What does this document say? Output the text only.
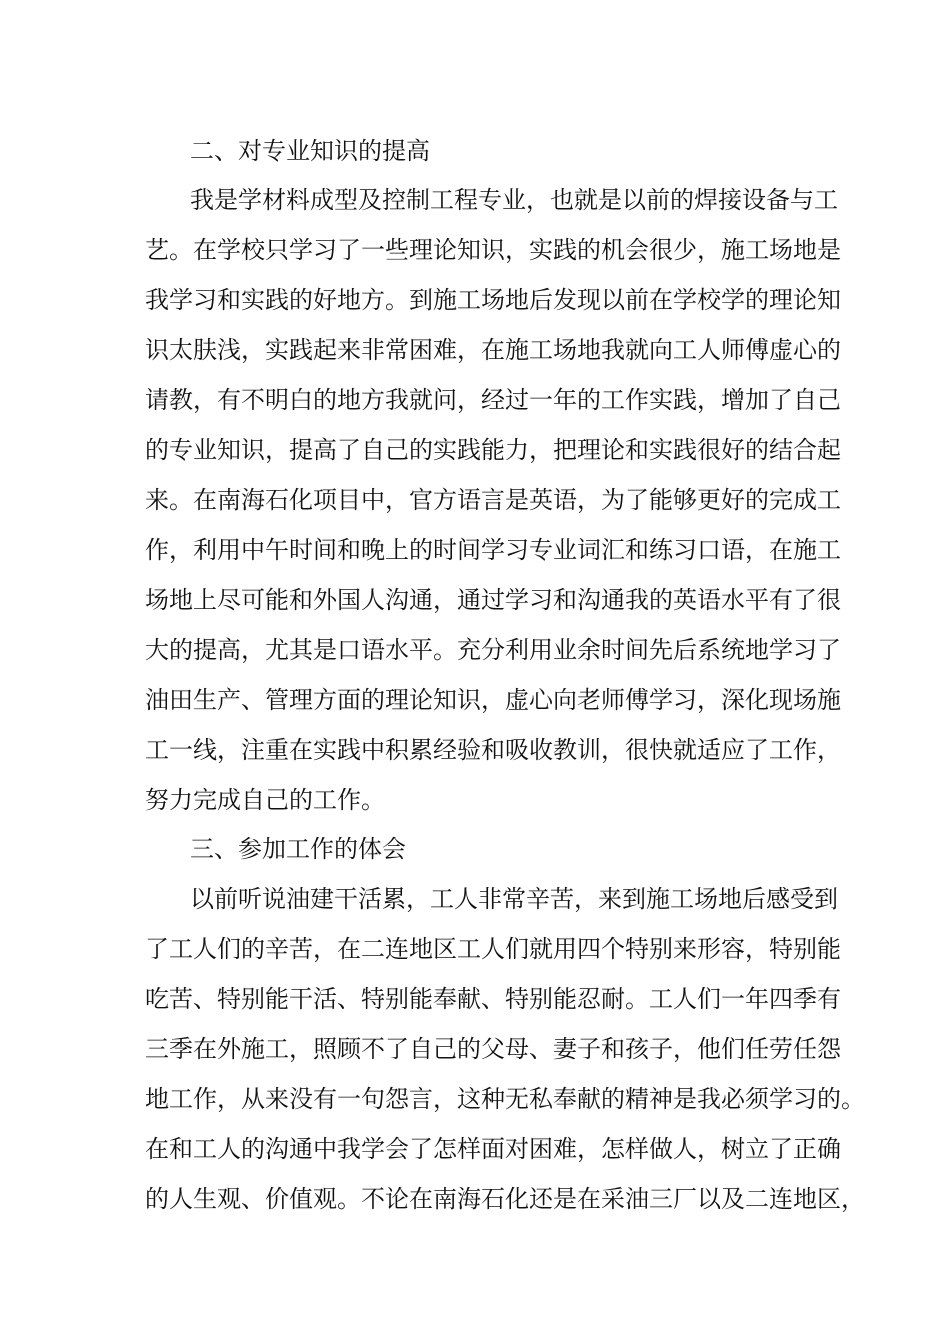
二、对专业知识的提高
我是学材料成型及控制工程专业，也就是以前的焊接设备与工
艺。在学校只学习了一些理论知识，实践的机会很少，施工场地是
我学习和实践的好地方。到施工场地后发现以前在学校学的理论知
识太肤浅，实践起来非常困难，在施工场地我就向工人师傅虚心的
请教，有不明白的地方我就问，经过一年的工作实践，增加了自己
的专业知识，提高了自己的实践能力，把理论和实践很好的结合起
来。在南海石化项目中，官方语言是英语，为了能够更好的完成工
作，利用中午时间和晚上的时间学习专业词汇和练习口语，在施工
场地上尽可能和外国人沟通，通过学习和沟通我的英语水平有了很
大的提高，尤其是口语水平。充分利用业余时间先后系统地学习了
油田生产、管理方面的理论知识，虚心向老师傅学习，深化现场施
工一线，注重在实践中积累经验和吸收教训，很快就适应了工作，
努力完成自己的工作。
三、参加工作的体会
以前听说油建干活累，工人非常辛苦，来到施工场地后感受到
了工人们的辛苦，在二连地区工人们就用四个特别来形容，特别能
吃苦、特别能干活、特别能奉献、特别能忍耐。工人们一年四季有
三季在外施工，照顾不了自己的父母、妻子和孩子，他们任劳任怨
地工作，从来没有一句怨言，这种无私奉献的精神是我必须学习的。
在和工人的沟通中我学会了怎样面对困难，怎样做人，树立了正确
的人生观、价值观。不论在南海石化还是在采油三厂以及二连地区，
